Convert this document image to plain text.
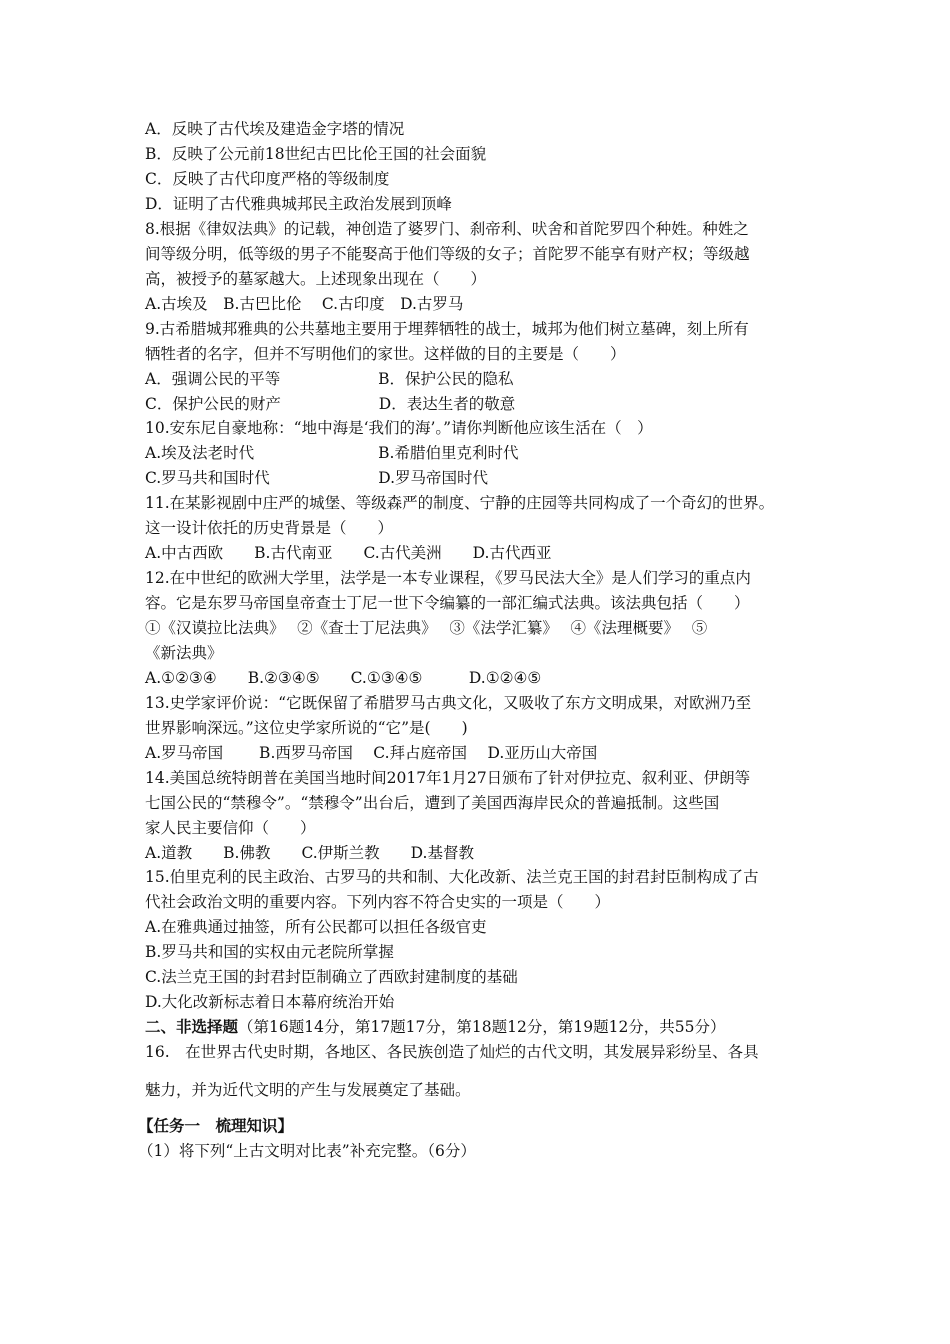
A．反映了古代埃及建造金字塔的情况
B．反映了公元前18世纪古巴比伦王国的社会面貌
C．反映了古代印度严格的等级制度
D．证明了古代雅典城邦民主政治发展到顶峰
8.根据《律奴法典》的记载，神创造了婆罗门、刹帝利、吠舍和首陀罗四个种姓。种姓之
间等级分明，低等级的男子不能娶高于他们等级的女子；首陀罗不能享有财产权；等级越
高，被授予的墓冢越大。上述现象出现在（　　）
A.古埃及　B.古巴比伦　 C.古印度　D.古罗马
9.古希腊城邦雅典的公共墓地主要用于埋葬牺牲的战士，城邦为他们树立墓碑，刻上所有
牺牲者的名字，但并不写明他们的家世。这样做的目的主要是（　　）
A．强调公民的平等　　　　　　 B．保护公民的隐私
C．保护公民的财产　　　　　　 D．表达生者的敬意
10.安东尼自豪地称：“地中海是‘我们的海’。”请你判断他应该生活在（　）
A.埃及法老时代　　　　　　　　B.希腊伯里克利时代
C.罗马共和国时代　　　　　　　D.罗马帝国时代
11.在某影视剧中庄严的城堡、等级森严的制度、宁静的庄园等共同构成了一个奇幻的世界。
这一设计依托的历史背景是（　　）
A.中古西欧　　B.古代南亚　　C.古代美洲　　D.古代西亚
12.在中世纪的欧洲大学里，法学是一本专业课程，《罗马民法大全》是人们学习的重点内
容。它是东罗马帝国皇帝查士丁尼一世下令编纂的一部汇编式法典。该法典包括（　　）
①《汉谟拉比法典》　 ②《查士丁尼法典》　 ③《法学汇纂》　 ④《法理概要》　 ⑤
《新法典》
A.①②③④　　B.②③④⑤　　C.①③④⑤　　　D.①②④⑤
13.史学家评价说：“它既保留了希腊罗马古典文化，又吸收了东方文明成果，对欧洲乃至
世界影响深远。”这位史学家所说的“它”是(　　)
A.罗马帝国　　 B.西罗马帝国　 C.拜占庭帝国　 D.亚历山大帝国
14.美国总统特朗普在美国当地时间2017年1月27日颁布了针对伊拉克、叙利亚、伊朗等
七国公民的“禁穆令”。“禁穆令”出台后，遭到了美国西海岸民众的普遍抵制。这些国
家人民主要信仰（　　）
A.道教　　B.佛教　　C.伊斯兰教　　D.基督教
15.伯里克利的民主政治、古罗马的共和制、大化改新、法兰克王国的封君封臣制构成了古
代社会政治文明的重要内容。下列内容不符合史实的一项是（　　）
A.在雅典通过抽签，所有公民都可以担任各级官吏
B.罗马共和国的实权由元老院所掌握
C.法兰克王国的封君封臣制确立了西欧封建制度的基础
D.大化改新标志着日本幕府统治开始
二、非选择题（第16题14分，第17题17分，第18题12分，第19题12分，共55分）
16.　在世界古代史时期，各地区、各民族创造了灿烂的古代文明，其发展异彩纷呈、各具
魅力，并为近代文明的产生与发展奠定了基础。
【任务一　梳理知识】
（1）将下列“上古文明对比表”补充完整。（6分）
